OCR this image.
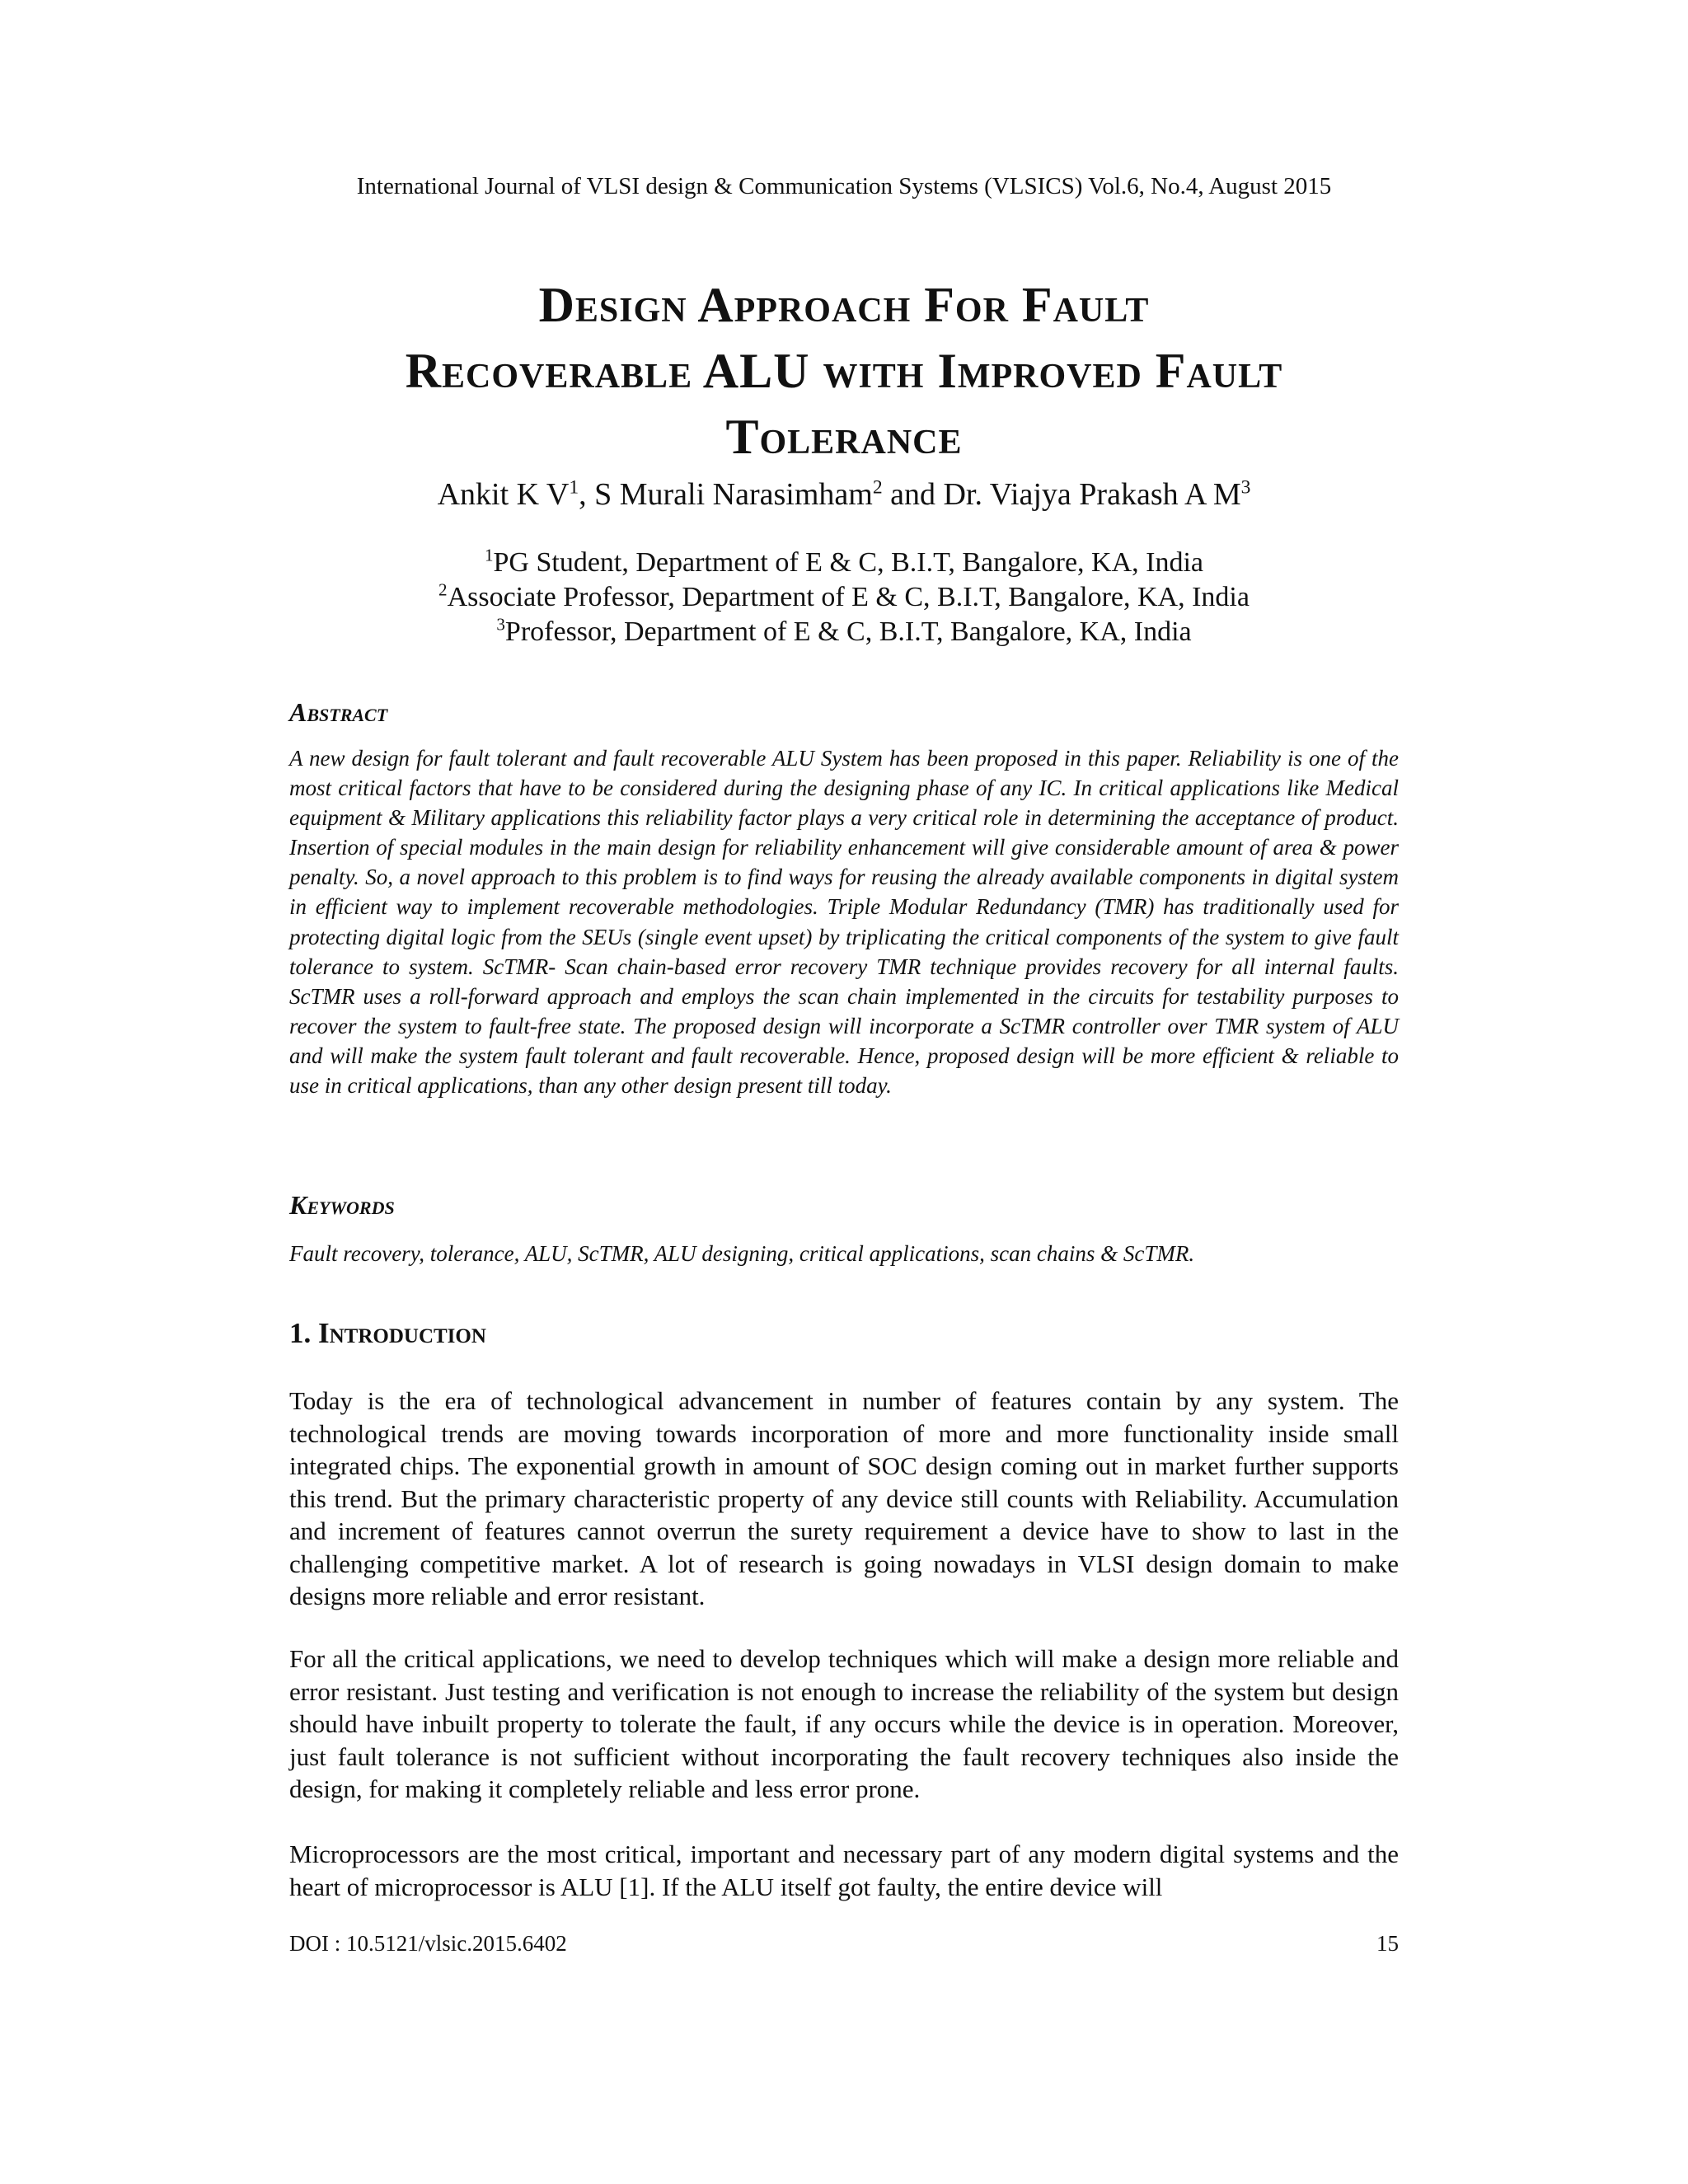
International Journal of VLSI design & Communication Systems (VLSICS) Vol.6, No.4, August 2015
Design Approach For Fault
Recoverable ALU with Improved Fault
Tolerance
Ankit K $V^1$, S Murali Narasimham$^2$ and Dr. Viajya Prakash A $M^3$
$^1$PG Student, Department of E & C, B.I.T, Bangalore, KA, India
$^2$Associate Professor, Department of E & C, B.I.T, Bangalore, KA, India
$^3$Professor, Department of E & C, B.I.T, Bangalore, KA, India
Abstract
A new design for fault tolerant and fault recoverable ALU System has been proposed in this paper. Reliability is one of the most critical factors that have to be considered during the designing phase of any IC. In critical applications like Medical equipment & Military applications this reliability factor plays a very critical role in determining the acceptance of product. Insertion of special modules in the main design for reliability enhancement will give considerable amount of area & power penalty. So, a novel approach to this problem is to find ways for reusing the already available components in digital system in efficient way to implement recoverable methodologies. Triple Modular Redundancy (TMR) has traditionally used for protecting digital logic from the SEUs (single event upset) by triplicating the critical components of the system to give fault tolerance to system. ScTMR- Scan chain-based error recovery TMR technique provides recovery for all internal faults. ScTMR uses a roll-forward approach and employs the scan chain implemented in the circuits for testability purposes to recover the system to fault-free state. The proposed design will incorporate a ScTMR controller over TMR system of ALU and will make the system fault tolerant and fault recoverable. Hence, proposed design will be more efficient & reliable to use in critical applications, than any other design present till today.
Keywords
Fault recovery, tolerance, ALU, ScTMR, ALU designing, critical applications, scan chains & ScTMR.
1. Introduction
Today is the era of technological advancement in number of features contain by any system. The technological trends are moving towards incorporation of more and more functionality inside small integrated chips. The exponential growth in amount of SOC design coming out in market further supports this trend. But the primary characteristic property of any device still counts with Reliability. Accumulation and increment of features cannot overrun the surety requirement a device have to show to last in the challenging competitive market. A lot of research is going nowadays in VLSI design domain to make designs more reliable and error resistant.
For all the critical applications, we need to develop techniques which will make a design more reliable and error resistant. Just testing and verification is not enough to increase the reliability of the system but design should have inbuilt property to tolerate the fault, if any occurs while the device is in operation. Moreover, just fault tolerance is not sufficient without incorporating the fault recovery techniques also inside the design, for making it completely reliable and less error prone.
Microprocessors are the most critical, important and necessary part of any modern digital systems and the heart of microprocessor is ALU [1]. If the ALU itself got faulty, the entire device will
DOI : 10.5121/vlsic.2015.6402	15
